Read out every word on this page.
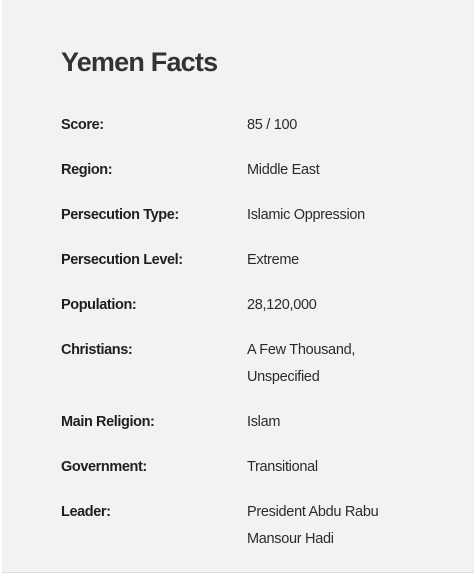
Yemen Facts
Score:	85 / 100
Region:	Middle East
Persecution Type:	Islamic Oppression
Persecution Level:	Extreme
Population:	28,120,000
Christians:	A Few Thousand, Unspecified
Main Religion:	Islam
Government:	Transitional
Leader:	President Abdu Rabu Mansour Hadi
